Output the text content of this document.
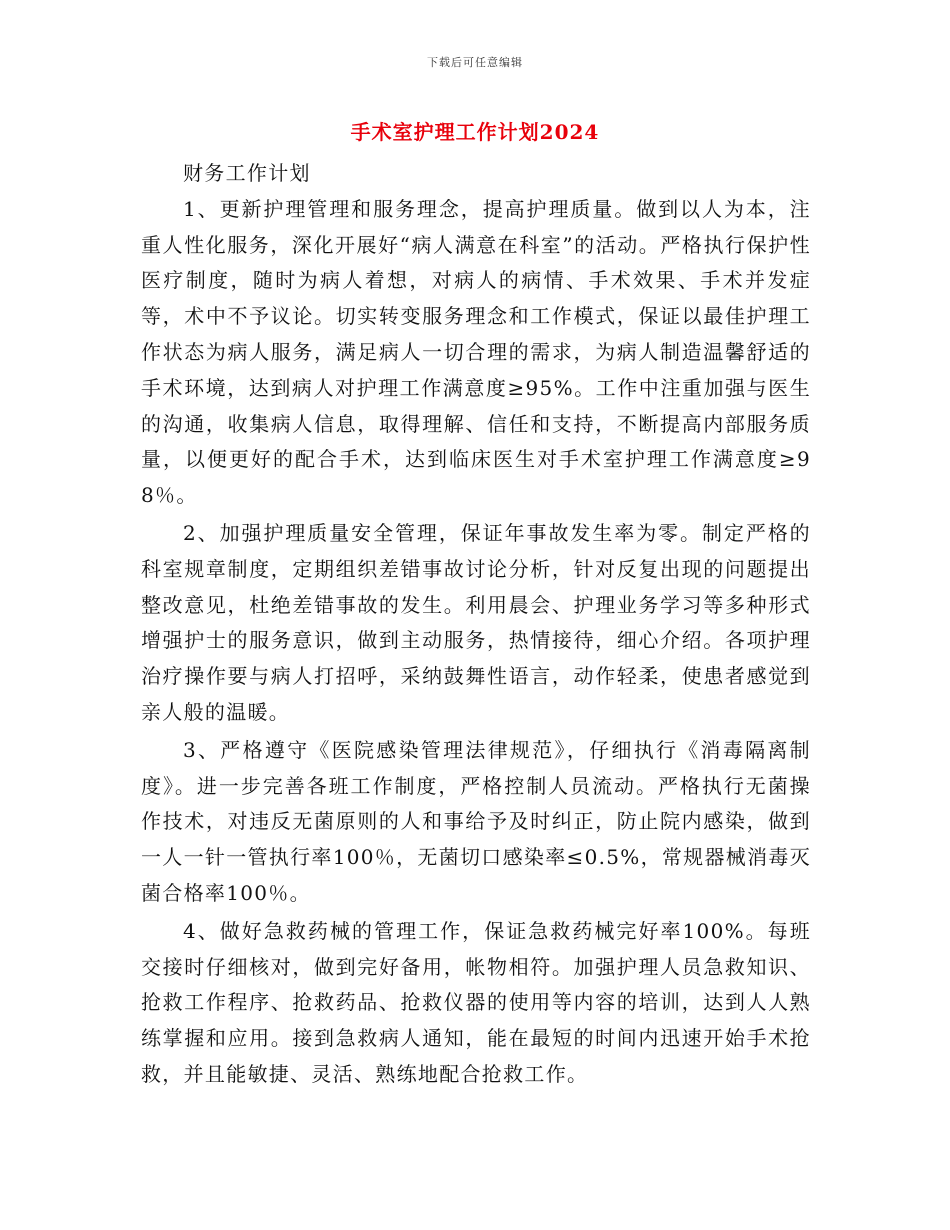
下载后可任意编辑
手术室护理工作计划2024

财务工作计划

1、更新护理管理和服务理念，提高护理质量。做到以人为本，注重人性化服务，深化开展好“病人满意在科室”的活动。严格执行保护性医疗制度，随时为病人着想，对病人的病情、手术效果、手术并发症等，术中不予议论。切实转变服务理念和工作模式，保证以最佳护理工作状态为病人服务，满足病人一切合理的需求，为病人制造温馨舒适的手术环境，达到病人对护理工作满意度≥95%。工作中注重加强与医生的沟通，收集病人信息，取得理解、信任和支持，不断提高内部服务质量，以便更好的配合手术，达到临床医生对手术室护理工作满意度≥98％。

2、加强护理质量安全管理，保证年事故发生率为零。制定严格的科室规章制度，定期组织差错事故讨论分析，针对反复出现的问题提出整改意见，杜绝差错事故的发生。利用晨会、护理业务学习等多种形式增强护士的服务意识，做到主动服务，热情接待，细心介绍。各项护理治疗操作要与病人打招呼，采纳鼓舞性语言，动作轻柔，使患者感觉到亲人般的温暖。

3、严格遵守《医院感染管理法律规范》，仔细执行《消毒隔离制度》。进一步完善各班工作制度，严格控制人员流动。严格执行无菌操作技术，对违反无菌原则的人和事给予及时纠正，防止院内感染，做到一人一针一管执行率100％，无菌切口感染率≤0.5%，常规器械消毒灭菌合格率100％。

4、做好急救药械的管理工作，保证急救药械完好率100%。每班交接时仔细核对，做到完好备用，帐物相符。加强护理人员急救知识、抢救工作程序、抢救药品、抢救仪器的使用等内容的培训，达到人人熟练掌握和应用。接到急救病人通知，能在最短的时间内迅速开始手术抢救，并且能敏捷、灵活、熟练地配合抢救工作。
